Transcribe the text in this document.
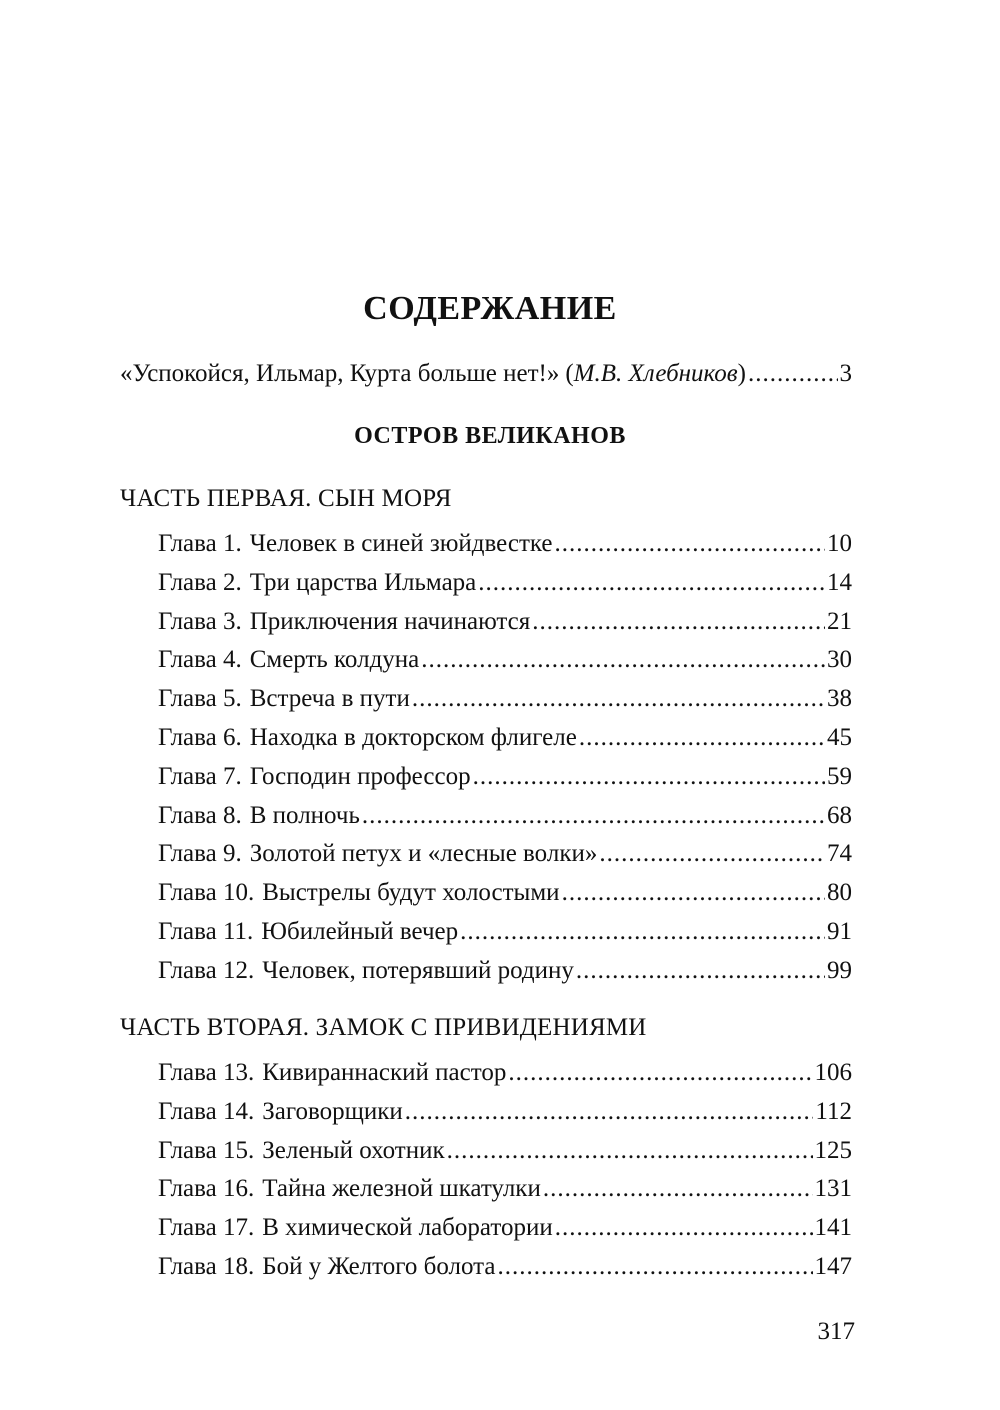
СОДЕРЖАНИЕ
«Успокойся, Ильмар, Курта больше нет!» ( М.В. Хлебников ) .....	3
ОСТРОВ ВЕЛИКАНОВ
ЧАСТЬ ПЕРВАЯ. СЫН МОРЯ
Глава 1. Человек в синей зюйдвестке .....	10
Глава 2. Три царства Ильмара .....	14
Глава 3. Приключения начинаются .....	21
Глава 4. Смерть колдуна .....	30
Глава 5. Встреча в пути .....	38
Глава 6. Находка в докторском флигеле .....	45
Глава 7. Господин профессор .....	59
Глава 8. В полночь .....	68
Глава 9. Золотой петух и «лесные волки» .....	74
Глава 10. Выстрелы будут холостыми .....	80
Глава 11. Юбилейный вечер .....	91
Глава 12. Человек, потерявший родину .....	99
ЧАСТЬ ВТОРАЯ. ЗАМОК С ПРИВИДЕНИЯМИ
Глава 13. Кивираннаский пастор .....	106
Глава 14. Заговорщики .....	112
Глава 15. Зеленый охотник .....	125
Глава 16. Тайна железной шкатулки .....	131
Глава 17. В химической лаборатории .....	141
Глава 18. Бой у Желтого болота .....	147
317
